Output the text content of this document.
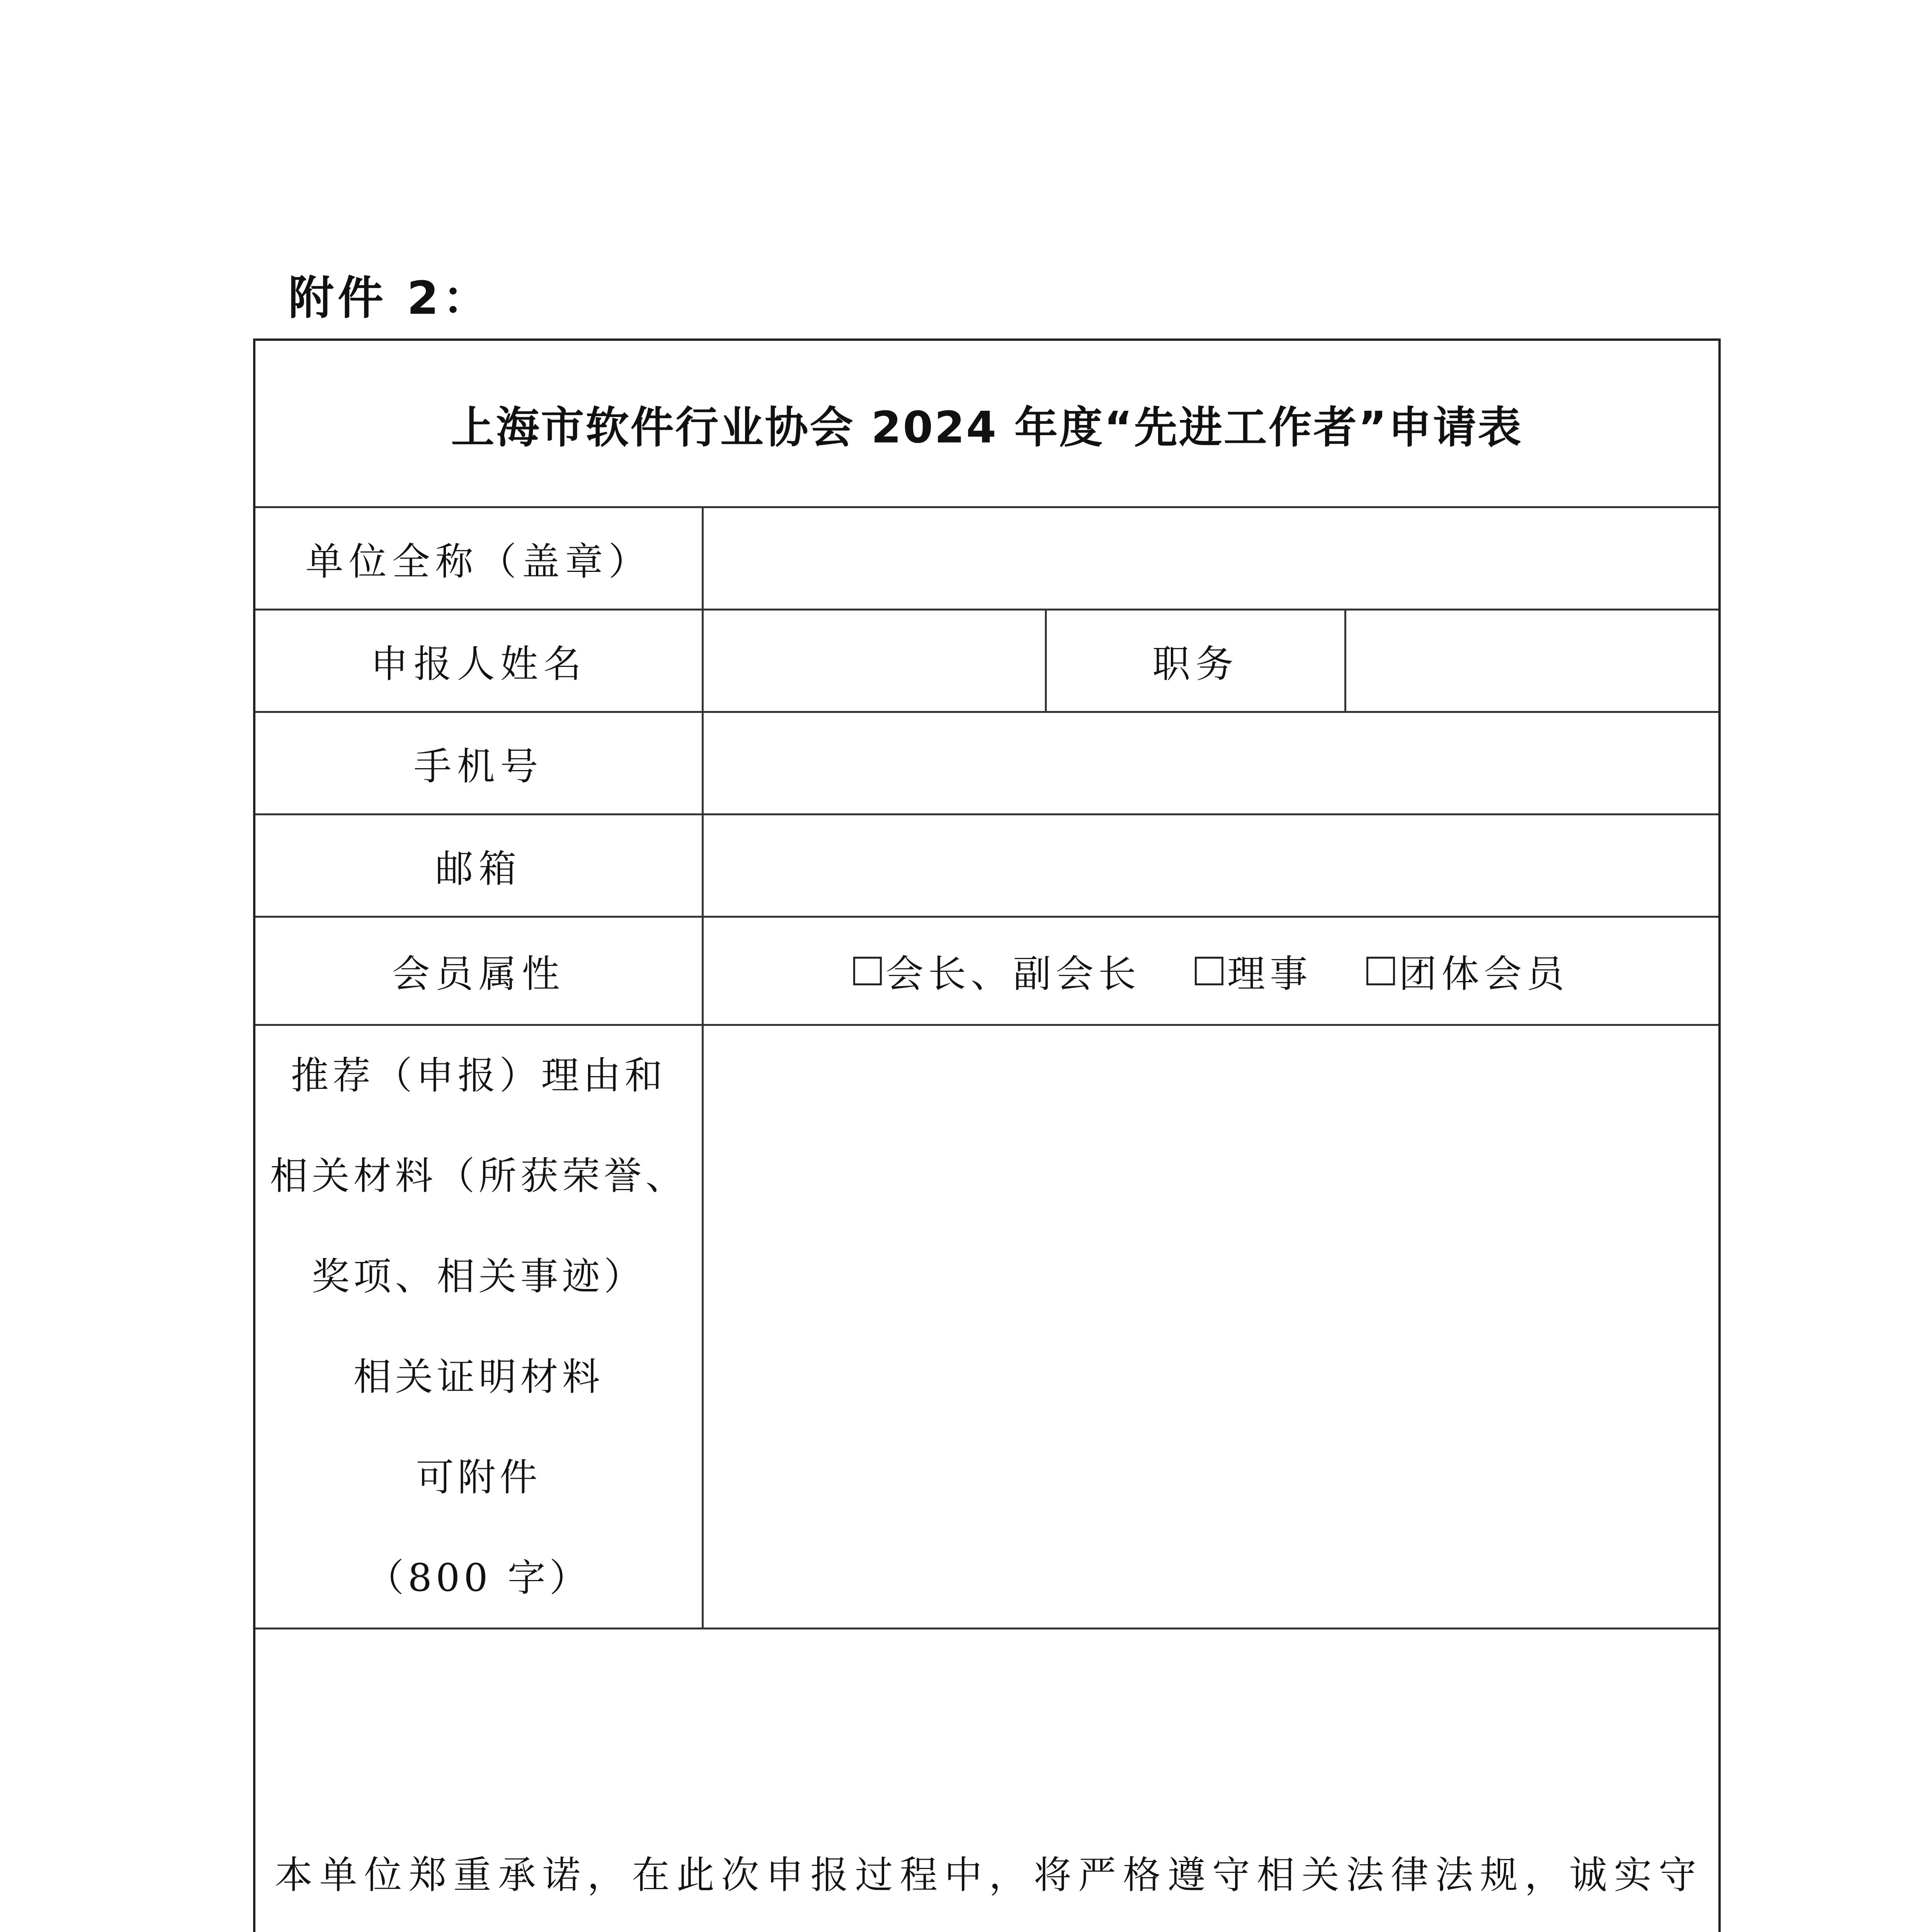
附件 2：
上海市软件行业协会 2024 年度“先进工作者”申请表
单位全称（盖章）
申报人姓名	职务
手机号
邮箱
会员属性	会长、副会长 理事 团体会员
推荐（申报）理由和
相关材料（所获荣誉、
奖项、相关事迹）
相关证明材料
可附件
（800 字）
本单位郑重承诺，在此次申报过程中，将严格遵守相关法律法规，诚实守
